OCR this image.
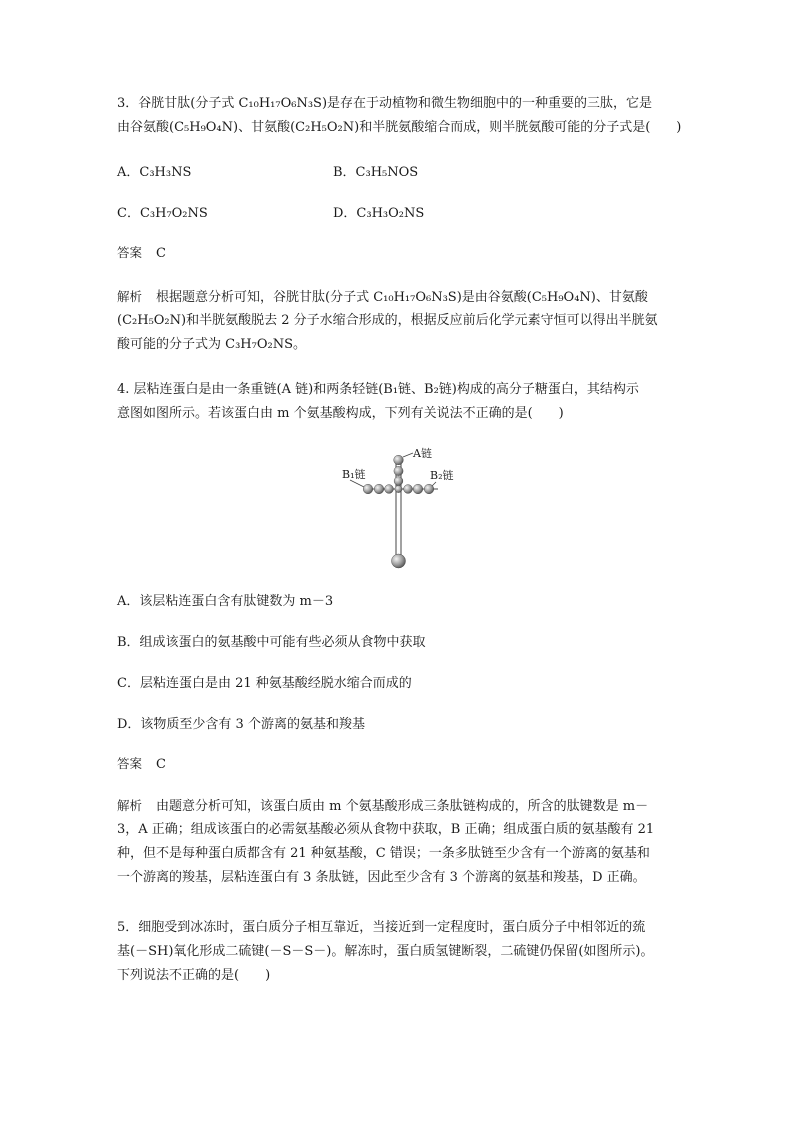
3．谷胱甘肽(分子式 C₁₀H₁₇O₆N₃S)是存在于动植物和微生物细胞中的一种重要的三肽，它是
由谷氨酸(C₅H₉O₄N)、甘氨酸(C₂H₅O₂N)和半胱氨酸缩合而成，则半胱氨酸可能的分子式是(　　)
A．C₃H₃NS	B．C₃H₅NOS
C．C₃H₇O₂NS	D．C₃H₃O₂NS
答案 C
解析 根据题意分析可知，谷胱甘肽(分子式 C₁₀H₁₇O₆N₃S)是由谷氨酸(C₅H₉O₄N)、甘氨酸
(C₂H₅O₂N)和半胱氨酸脱去 2 分子水缩合形成的，根据反应前后化学元素守恒可以得出半胱氨
酸可能的分子式为 C₃H₇O₂NS。
4. 层粘连蛋白是由一条重链(A 链)和两条轻链(B₁链、B₂链)构成的高分子糖蛋白，其结构示
意图如图所示。若该蛋白由 m 个氨基酸构成，下列有关说法不正确的是(　　)
A链
B₁链	B₂链
A．该层粘连蛋白含有肽键数为 m－3
B．组成该蛋白的氨基酸中可能有些必须从食物中获取
C．层粘连蛋白是由 21 种氨基酸经脱水缩合而成的
D．该物质至少含有 3 个游离的氨基和羧基
答案 C
解析 由题意分析可知，该蛋白质由 m 个氨基酸形成三条肽链构成的，所含的肽键数是 m－
3，A 正确；组成该蛋白的必需氨基酸必须从食物中获取，B 正确；组成蛋白质的氨基酸有 21
种，但不是每种蛋白质都含有 21 种氨基酸，C 错误；一条多肽链至少含有一个游离的氨基和
一个游离的羧基，层粘连蛋白有 3 条肽链，因此至少含有 3 个游离的氨基和羧基，D 正确。
5．细胞受到冰冻时，蛋白质分子相互靠近，当接近到一定程度时，蛋白质分子中相邻近的巯
基(－SH)氧化形成二硫键(－S－S－)。解冻时，蛋白质氢键断裂，二硫键仍保留(如图所示)。
下列说法不正确的是(　　)
